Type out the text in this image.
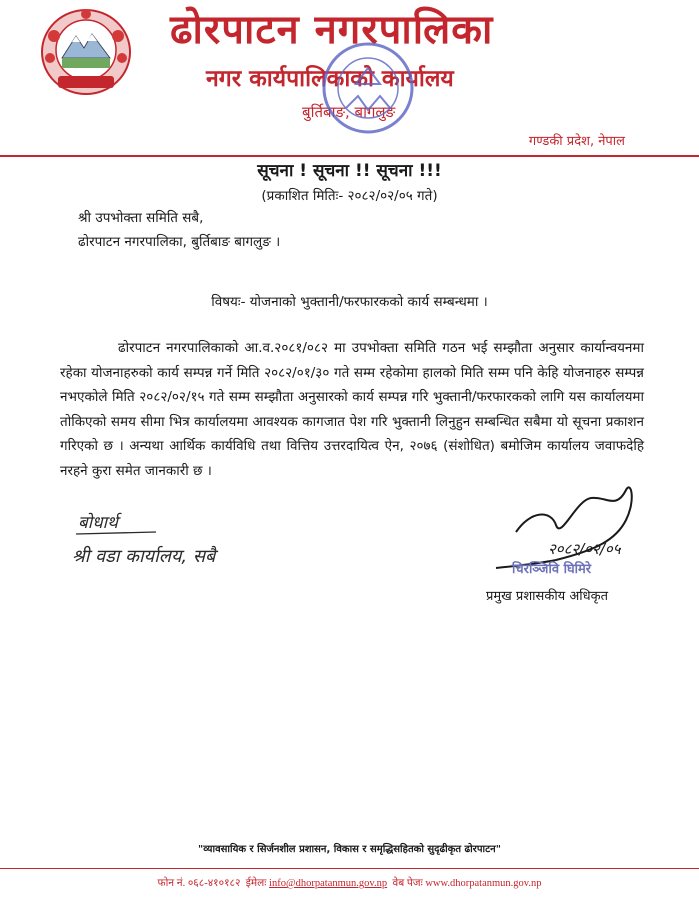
ढोरपाटन नगरपालिका
नगर कार्यपालिकाको कार्यालय
बुर्तिबाङ, बागलुङ
गण्डकी प्रदेश, नेपाल
सूचना ! सूचना !! सूचना !!!
(प्रकाशित मितिः- २०८२/०२/०५ गते)
श्री उपभोक्ता समिति सबै,
ढोरपाटन नगरपालिका, बुर्तिबाङ बागलुङ ।
विषयः- योजनाको भुक्तानी/फरफारकको कार्य सम्बन्धमा ।
ढोरपाटन नगरपालिकाको आ.व.२०८१/०८२ मा उपभोक्ता समिति गठन भई सम्झौता अनुसार कार्यान्वयनमा रहेका योजनाहरुको कार्य सम्पन्न गर्ने मिति २०८२/०१/३० गते सम्म रहेकोमा हालको मिति सम्म पनि केहि योजनाहरु सम्पन्न नभएकोले मिति २०८२/०२/१५ गते सम्म सम्झौता अनुसारको कार्य सम्पन्न गरि भुक्तानी/फरफारकको लागि यस कार्यालयमा तोकिएको समय सीमा भित्र कार्यालयमा आवश्यक कागजात पेश गरि भुक्तानी लिनुहुन सम्बन्धित सबैमा यो सूचना प्रकाशन गरिएको छ । अन्यथा आर्थिक कार्यविधि तथा वित्तिय उत्तरदायित्व ऐन, २०७६ (संशोधित) बमोजिम कार्यालय जवाफदेहि नरहने कुरा समेत जानकारी छ ।
बोधार्थ
श्री वडा कार्यालय, सबै	२०८२/०२/०५
चिरञ्जिवि घिमिरे
प्रमुख प्रशासकीय अधिकृत
"व्यावसायिक र सिर्जनशील प्रशासन, विकास र समृद्धिसहितको सुदृढीकृत ढोरपाटन"
फोन नं. ०६८-४१०१८२ ईमेलः info@dhorpatanmun.gov.np वेब पेजः www.dhorpatanmun.gov.np
